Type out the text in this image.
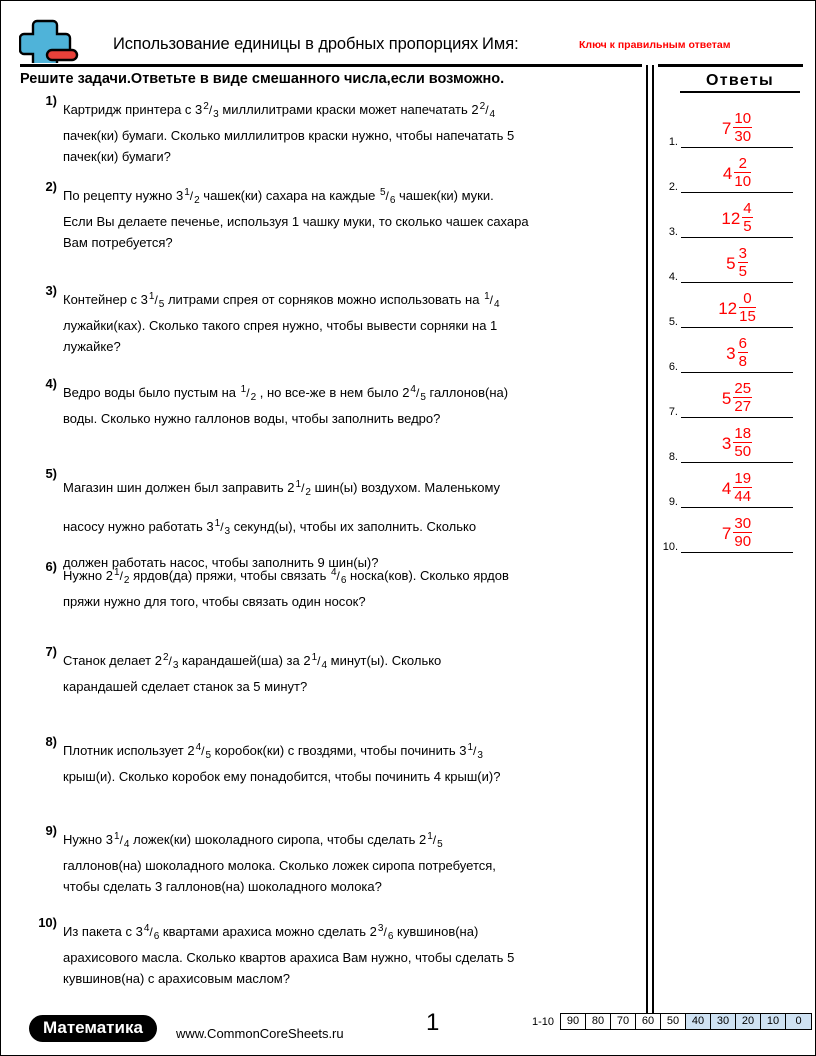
Использование единицы в дробных пропорциях Имя:	Ключ к правильным ответам
Решите задачи.Ответьте в виде смешанного числа,если возможно.
1)
Картридж принтера с $3^2/_3$ миллилитрами краски может напечатать $2^2/_4$
пачек(ки) бумаги. Сколько миллилитров краски нужно, чтобы напечатать 5
пачек(ки) бумаги?
2)
По рецепту нужно $3^1/_2$ чашек(ки) сахара на каждые $^5/_6$ чашек(ки) муки.
Если Вы делаете печенье, используя 1 чашку муки, то сколько чашек сахара
Вам потребуется?
3)
Контейнер с $3^1/_5$ литрами спрея от сорняков можно использовать на $^1/_4$
лужайки(ках). Сколько такого спрея нужно, чтобы вывести сорняки на 1
лужайке?
4)
Ведро воды было пустым на $^1/_2$ , но все-же в нем было $2^4/_5$ галлонов(на)
воды. Сколько нужно галлонов воды, чтобы заполнить ведро?
5)
Магазин шин должен был заправить $2^1/_2$ шин(ы) воздухом. Маленькому
насосу нужно работать $3^1/_3$ секунд(ы), чтобы их заполнить. Сколько
должен работать насос, чтобы заполнить 9 шин(ы)?
6)
Нужно $2^1/_2$ ярдов(да) пряжи, чтобы связать $^4/_6$ носка(ков). Сколько ярдов
пряжи нужно для того, чтобы связать один носок?
7)
Станок делает $2^2/_3$ карандашей(ша) за $2^1/_4$ минут(ы). Сколько
карандашей сделает станок за 5 минут?
8)
Плотник использует $2^4/_5$ коробок(ки) с гвоздями, чтобы починить $3^1/_3$
крыш(и). Сколько коробок ему понадобится, чтобы починить 4 крыш(и)?
9)
Нужно $3^1/_4$ ложек(ки) шоколадного сиропа, чтобы сделать $2^1/_5$
галлонов(на) шоколадного молока. Сколько ложек сиропа потребуется,
чтобы сделать 3 галлонов(на) шоколадного молока?
10)
Из пакета с $3^4/_6$ квартами арахиса можно сделать $2^3/_6$ кувшинов(на)
арахисового масла. Сколько квартов арахиса Вам нужно, чтобы сделать 5
кувшинов(на) с арахисовым маслом?
Ответы
1.
$7 \frac{10}{30}$
2.
$4 \frac{2}{10}$
3.
$12 \frac{4}{5}$
4.
$5 \frac{3}{5}$
5.
$12 \frac{0}{15}$
6.
$3 \frac{6}{8}$
7.
$5 \frac{25}{27}$
8.
$3 \frac{18}{50}$
9.
$4 \frac{19}{44}$
10.
$7 \frac{30}{90}$
Математика	www.CommonCoreSheets.ru	1	1-10	90	80	70	60	50	40	30	20	10	0
